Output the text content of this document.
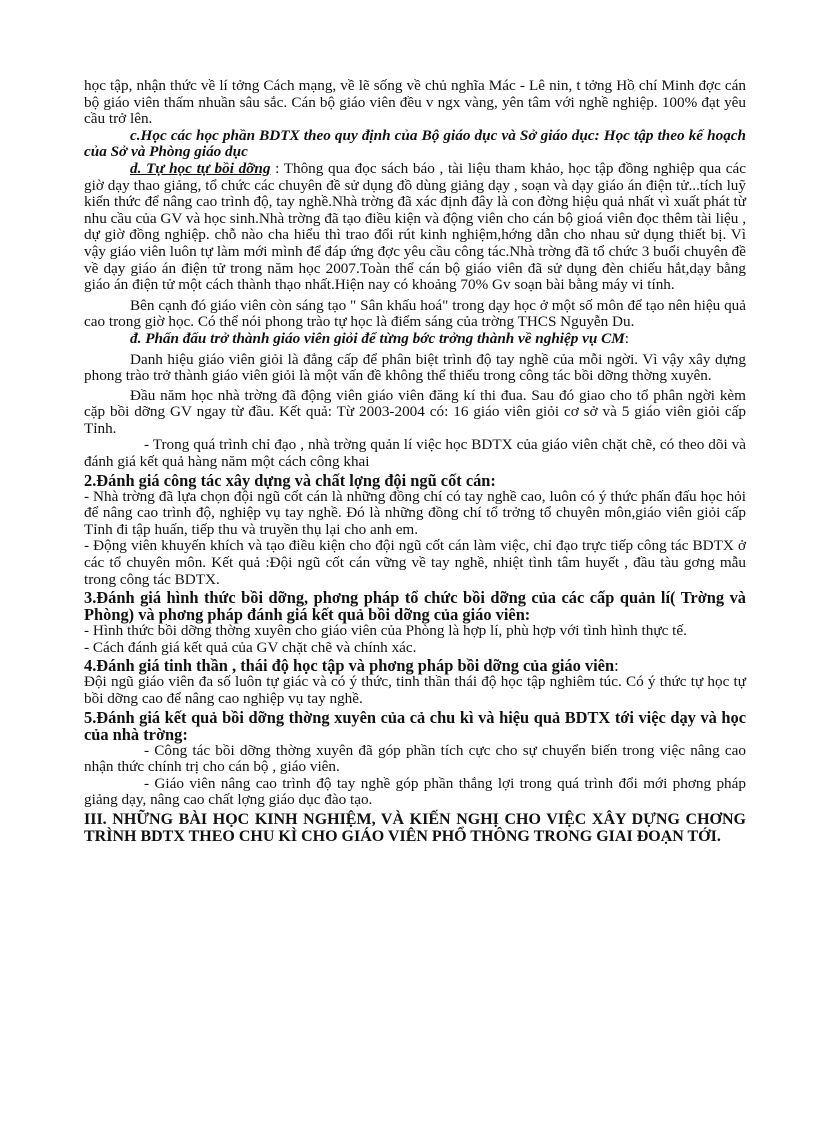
học tập, nhận thức về lí tởng Cách mạng, về lẽ sống về chủ nghĩa Mác - Lê nin, t tởng Hồ chí Minh đợc cán bộ giáo viên thấm nhuần sâu sắc. Cán bộ giáo viên đều v ngx vàng, yên tâm với nghề nghiệp. 100% đạt yêu cầu trở lên.

c.Học các học phần BDTX theo quy định của Bộ giáo dục và Sở giáo dục: Học tập theo kế hoạch của Sở và Phòng giáo dục

d. Tự học tự bồi dỡng : Thông qua đọc sách báo , tài liệu tham khảo, học tập đồng nghiệp qua các giờ dạy thao giảng, tổ chức các chuyên đề sử dụng đồ dùng giảng dạy , soạn và dạy giáo án điện tử...tích luỹ kiến thức để nâng cao trình độ, tay nghề.Nhà trờng đã xác định đây là con đờng hiệu quả nhất vì xuất phát từ nhu cầu của GV và học sinh.Nhà trờng đã tạo điều kiện và động viên cho cán bộ gioá viên đọc thêm tài liệu , dự giờ đồng nghiệp. chỗ nào cha hiểu thì trao đổi rút kinh nghiệm,hớng dẫn cho nhau sử dụng thiết bị. Vì vậy giáo viên luôn tự làm mới mình để đáp ứng đợc yêu cầu công tác.Nhà trờng đã tổ chức 3 buổi chuyên đề về dạy giáo án điện tử trong năm học 2007.Toàn thể cán bộ giáo viên đã sử dụng đèn chiếu hắt,dạy bằng giáo án điện tử một cách thành thạo nhất.Hiện nay có khoảng 70% Gv soạn bài bằng máy vi tính.

Bên cạnh đó giáo viên còn sáng tạo " Sân khấu hoá" trong dạy học ở một số môn để tạo nên hiệu quả cao trong giờ học. Có thể nói phong trào tự học là điểm sáng của trờng THCS Nguyễn Du.

đ. Phấn đấu trở thành giáo viên giỏi để từng bớc trởng thành về nghiệp vụ CM:

Danh hiệu giáo viên giỏi là đẳng cấp để phân biệt trình độ tay nghề của mỗi ngời. Vì vậy xây dựng phong trào trở thành giáo viên giỏi là một vấn đề không thể thiếu trong công tác bồi dỡng thờng xuyên.

Đầu năm học nhà trờng đã động viên giáo viên đăng kí thi đua. Sau đó giao cho tổ phân ngời kèm cặp bồi dỡng GV ngay từ đầu. Kết quả: Từ 2003-2004 có: 16 giáo viên giỏi cơ sở và 5 giáo viên giỏi cấp Tỉnh.

- Trong quá trình chỉ đạo , nhà trờng quản lí việc học BDTX của giáo viên chặt chẽ, có theo dõi và đánh giá kết quả hàng năm một cách công khai

2.Đánh giá công tác xây dựng và chất lợng đội ngũ cốt cán:

- Nhà trờng đã lựa chọn đội ngũ cốt cán là những đồng chí có tay nghề cao, luôn có ý thức phấn đấu học hỏi để nâng cao trình độ, nghiệp vụ tay nghề. Đó là những đồng chí tổ trởng tổ chuyên môn,giáo viên giỏi cấp Tỉnh đi tập huấn, tiếp thu và truyền thụ lại cho anh em.

- Động viên khuyến khích và tạo điều kiện cho đội ngũ cốt cán làm việc, chỉ đạo trực tiếp công tác BDTX ở các tổ chuyên môn. Kết quả :Đội ngũ cốt cán vững về tay nghề, nhiệt tình tâm huyết , đầu tàu gơng mẫu trong công tác BDTX.

3.Đánh giá hình thức bồi dỡng, phơng pháp tổ chức bồi dỡng của các cấp quản lí( Trờng và Phòng) và phơng pháp đánh giá kết quả bồi dỡng của giáo viên:

- Hình thức bồi dỡng thờng xuyên cho giáo viên của Phòng là hợp lí, phù hợp với tình hình thực tế.

- Cách đánh giá kết quả của GV chặt chẽ và chính xác.

4.Đánh giá tinh thần , thái độ học tập và phơng pháp bồi dỡng của giáo viên:

Đội ngũ giáo viên đa số luôn tự giác và có ý thức, tinh thần thái độ học tập nghiêm túc. Có ý thức tự học tự bồi dỡng cao để nâng cao nghiệp vụ tay nghề.

5.Đánh giá kết quả bồi dỡng thờng xuyên của cả chu kì và hiệu quả BDTX tới việc dạy và học của nhà trờng:

- Công tác bồi dỡng thờng xuyên đã góp phần tích cực cho sự chuyển biến trong việc nâng cao nhận thức chính trị cho cán bộ , giáo viên.

- Giáo viên nâng cao trình độ tay nghề góp phần thắng lợi trong quá trình đổi mới phơng pháp giảng dạy, nâng cao chất lợng giáo dục đào tạo.

III. NHỮNG BÀI HỌC KINH NGHIỆM, VÀ KIẾN NGHỊ CHO VIỆC XÂY DỰNG CHƠNG TRÌNH BDTX THEO CHU KÌ CHO GIÁO VIÊN PHỔ THÔNG TRONG GIAI ĐOẠN TỚI.
